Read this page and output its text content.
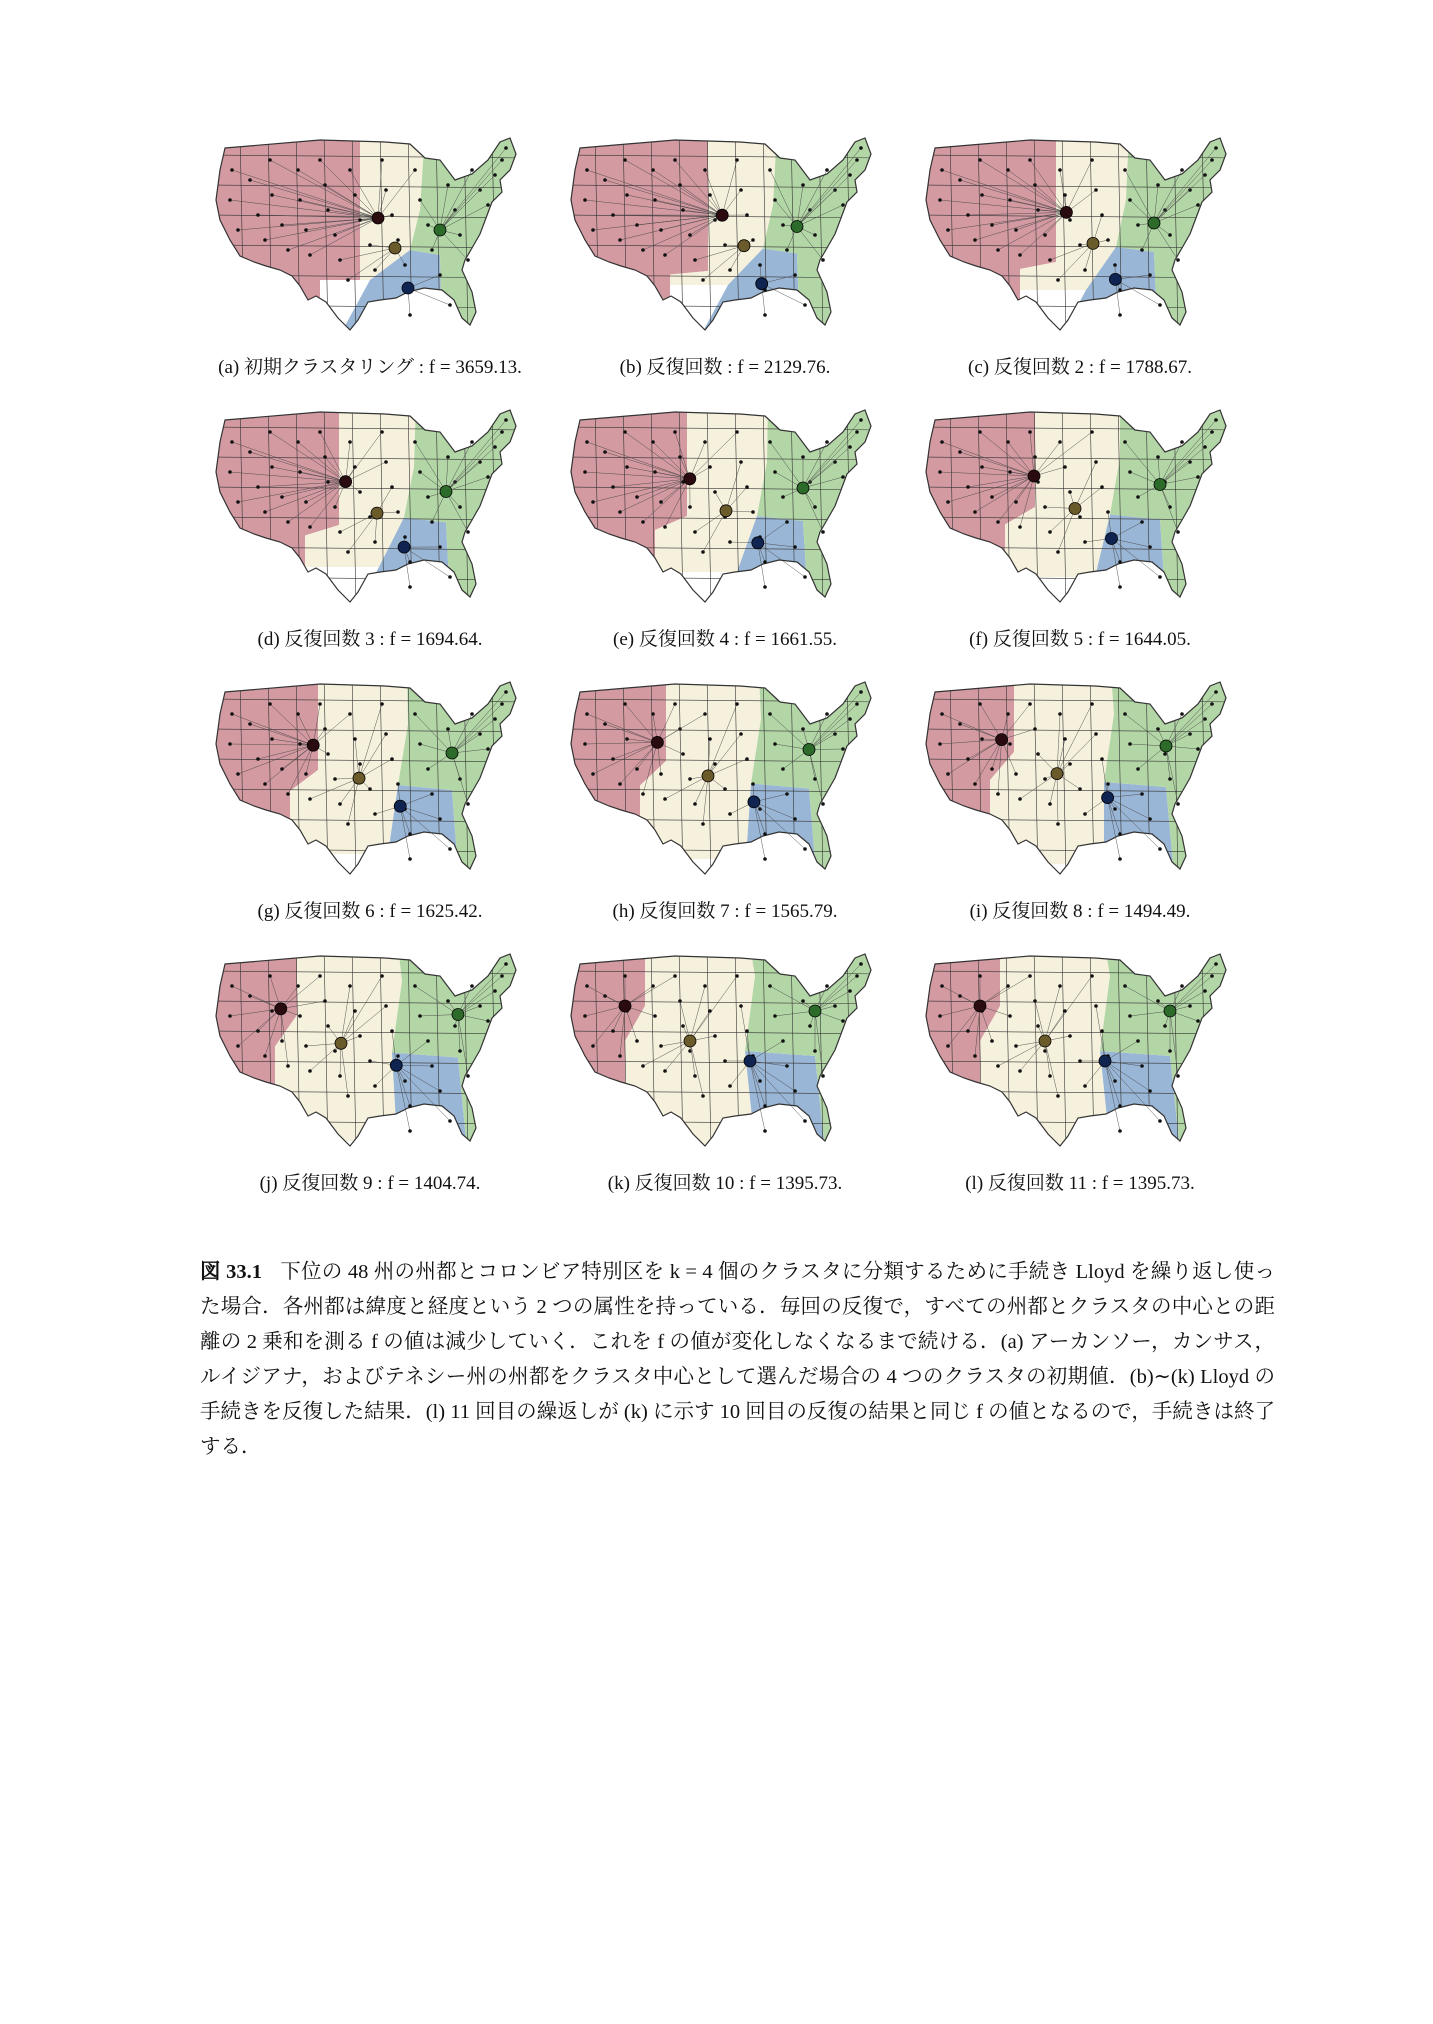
(a) 初期クラスタリング : f = 3659.13.	(b) 反復回数 : f = 2129.76.	(c) 反復回数 2 : f = 1788.67.
(d) 反復回数 3 : f = 1694.64.	(e) 反復回数 4 : f = 1661.55.	(f) 反復回数 5 : f = 1644.05.
(g) 反復回数 6 : f = 1625.42.	(h) 反復回数 7 : f = 1565.79.	(i) 反復回数 8 : f = 1494.49.
(j) 反復回数 9 : f = 1404.74.	(k) 反復回数 10 : f = 1395.73.	(l) 反復回数 11 : f = 1395.73.
図 33.1 下位の 48 州の州都とコロンビア特別区を k = 4 個のクラスタに分類するために手続き Lloyd を繰り返し使った場合．各州都は緯度と経度という 2 つの属性を持っている．毎回の反復で，すべての州都とクラスタの中心との距離の 2 乗和を測る f の値は減少していく．これを f の値が変化しなくなるまで続ける．(a) アーカンソー，カンサス，ルイジアナ，およびテネシー州の州都をクラスタ中心として選んだ場合の 4 つのクラスタの初期値．(b)∼(k) Lloyd の手続きを反復した結果．(l) 11 回目の繰返しが (k) に示す 10 回目の反復の結果と同じ f の値となるので，手続きは終了する．
